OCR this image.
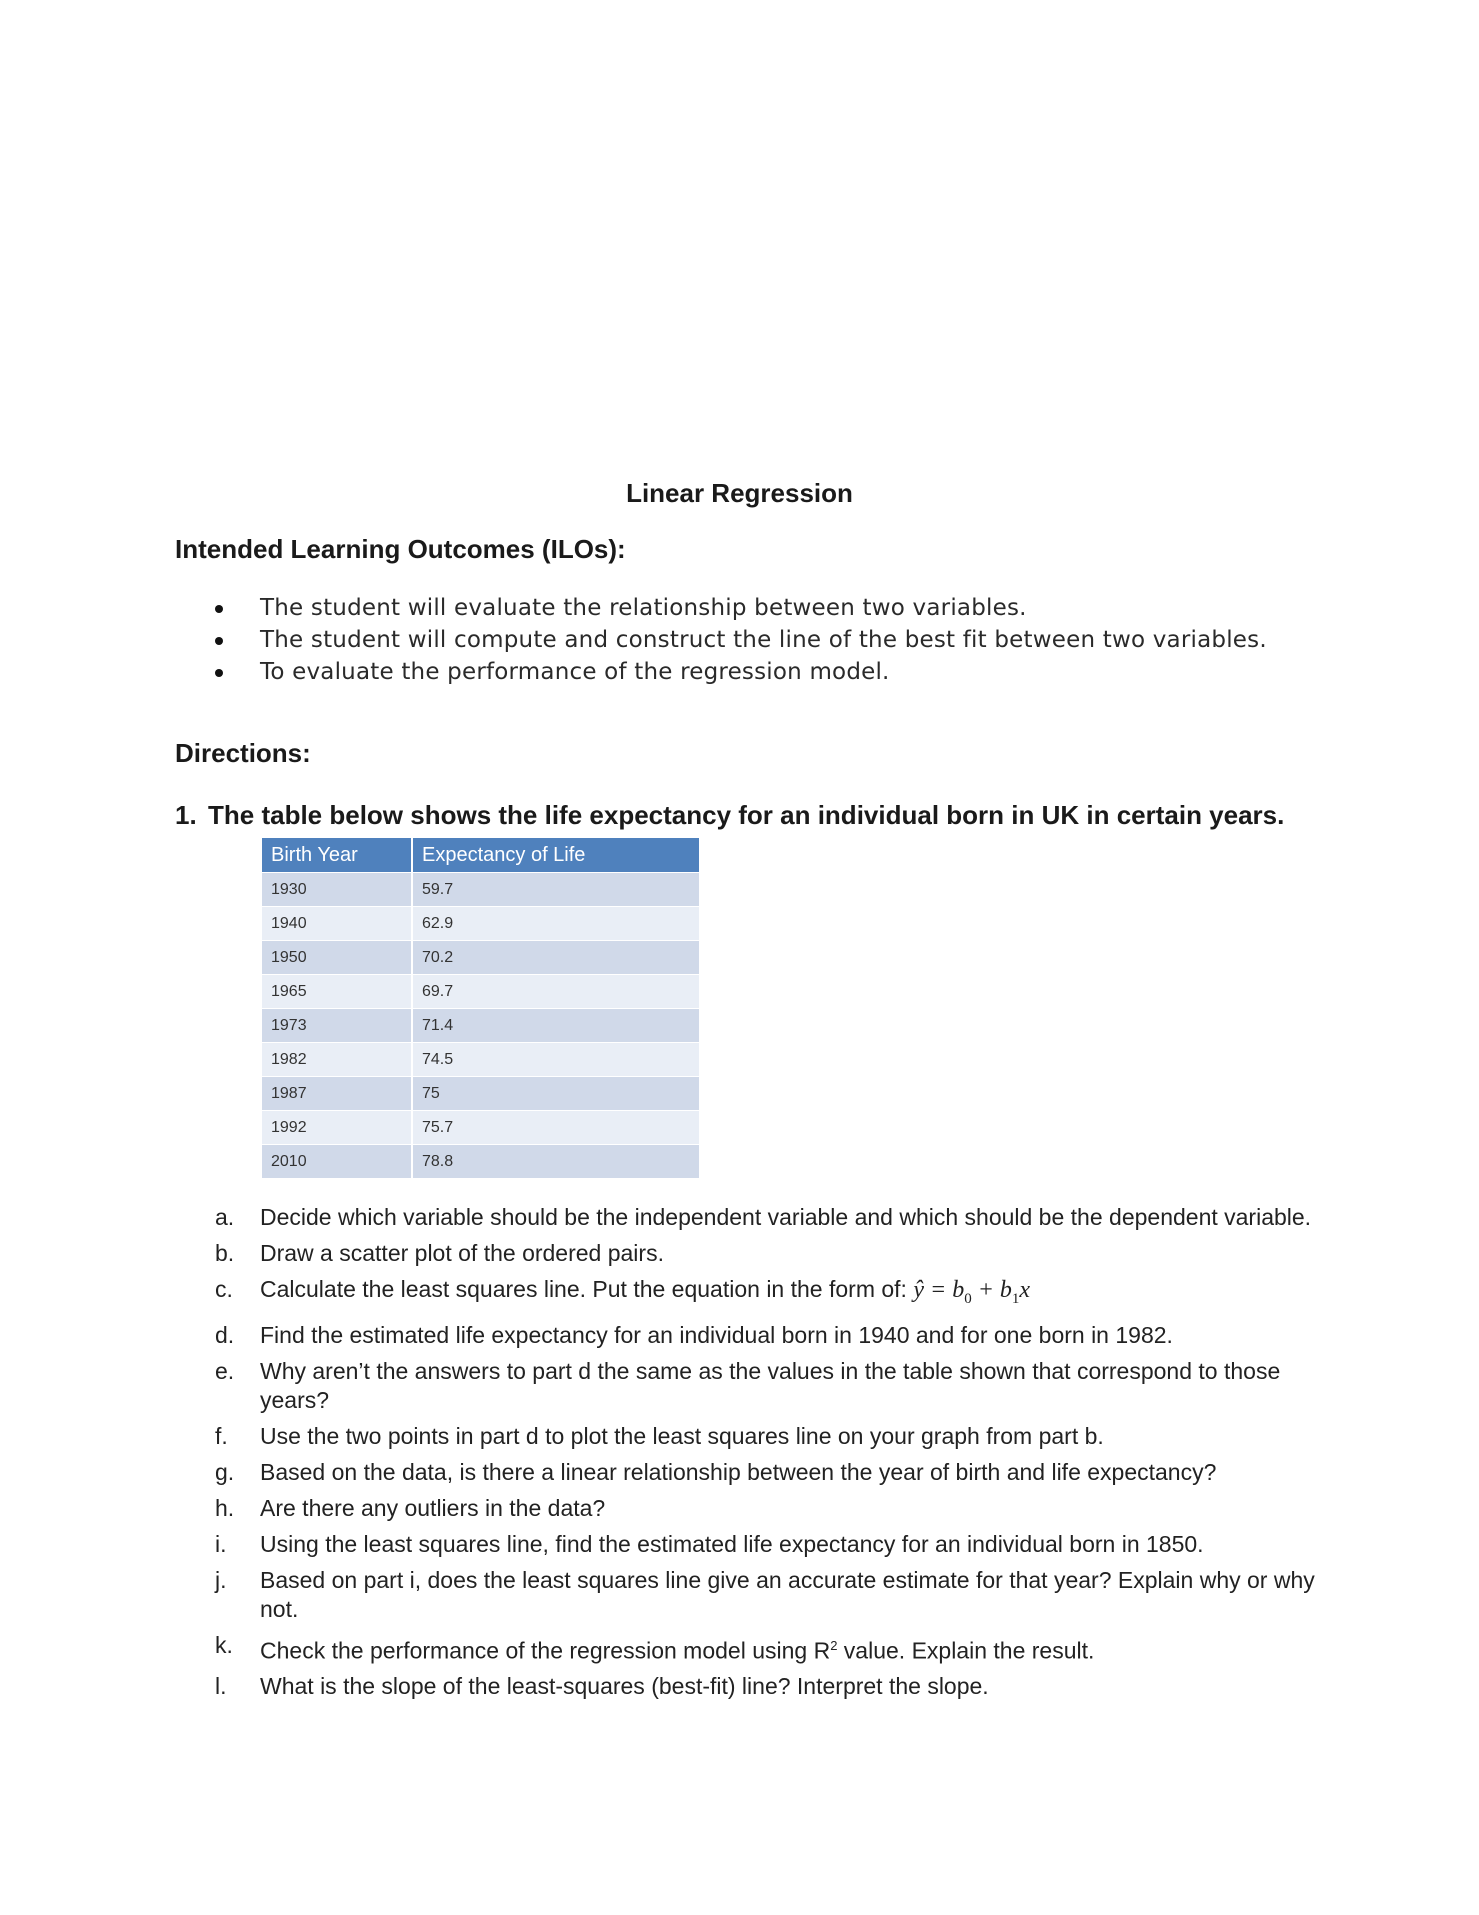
Linear Regression
Intended Learning Outcomes (ILOs):
The student will evaluate the relationship between two variables.
The student will compute and construct the line of the best fit between two variables.
To evaluate the performance of the regression model.
Directions:
1. The table below shows the life expectancy for an individual born in UK in certain years.
Birth Year	Expectancy of Life
1930	59.7
1940	62.9
1950	70.2
1965	69.7
1973	71.4
1982	74.5
1987	75
1992	75.7
2010	78.8
a. Decide which variable should be the independent variable and which should be the dependent variable.
b. Draw a scatter plot of the ordered pairs.
c. Calculate the least squares line. Put the equation in the form of: ŷ = $b_0 + b_1x$
d. Find the estimated life expectancy for an individual born in 1940 and for one born in 1982.
e. Why aren’t the answers to part d the same as the values in the table shown that correspond to those years?
f. Use the two points in part d to plot the least squares line on your graph from part b.
g. Based on the data, is there a linear relationship between the year of birth and life expectancy?
h. Are there any outliers in the data?
i. Using the least squares line, find the estimated life expectancy for an individual born in 1850.
j. Based on part i, does the least squares line give an accurate estimate for that year? Explain why or why not.
k. Check the performance of the regression model using $R^2$ value. Explain the result.
l. What is the slope of the least-squares (best-fit) line? Interpret the slope.
